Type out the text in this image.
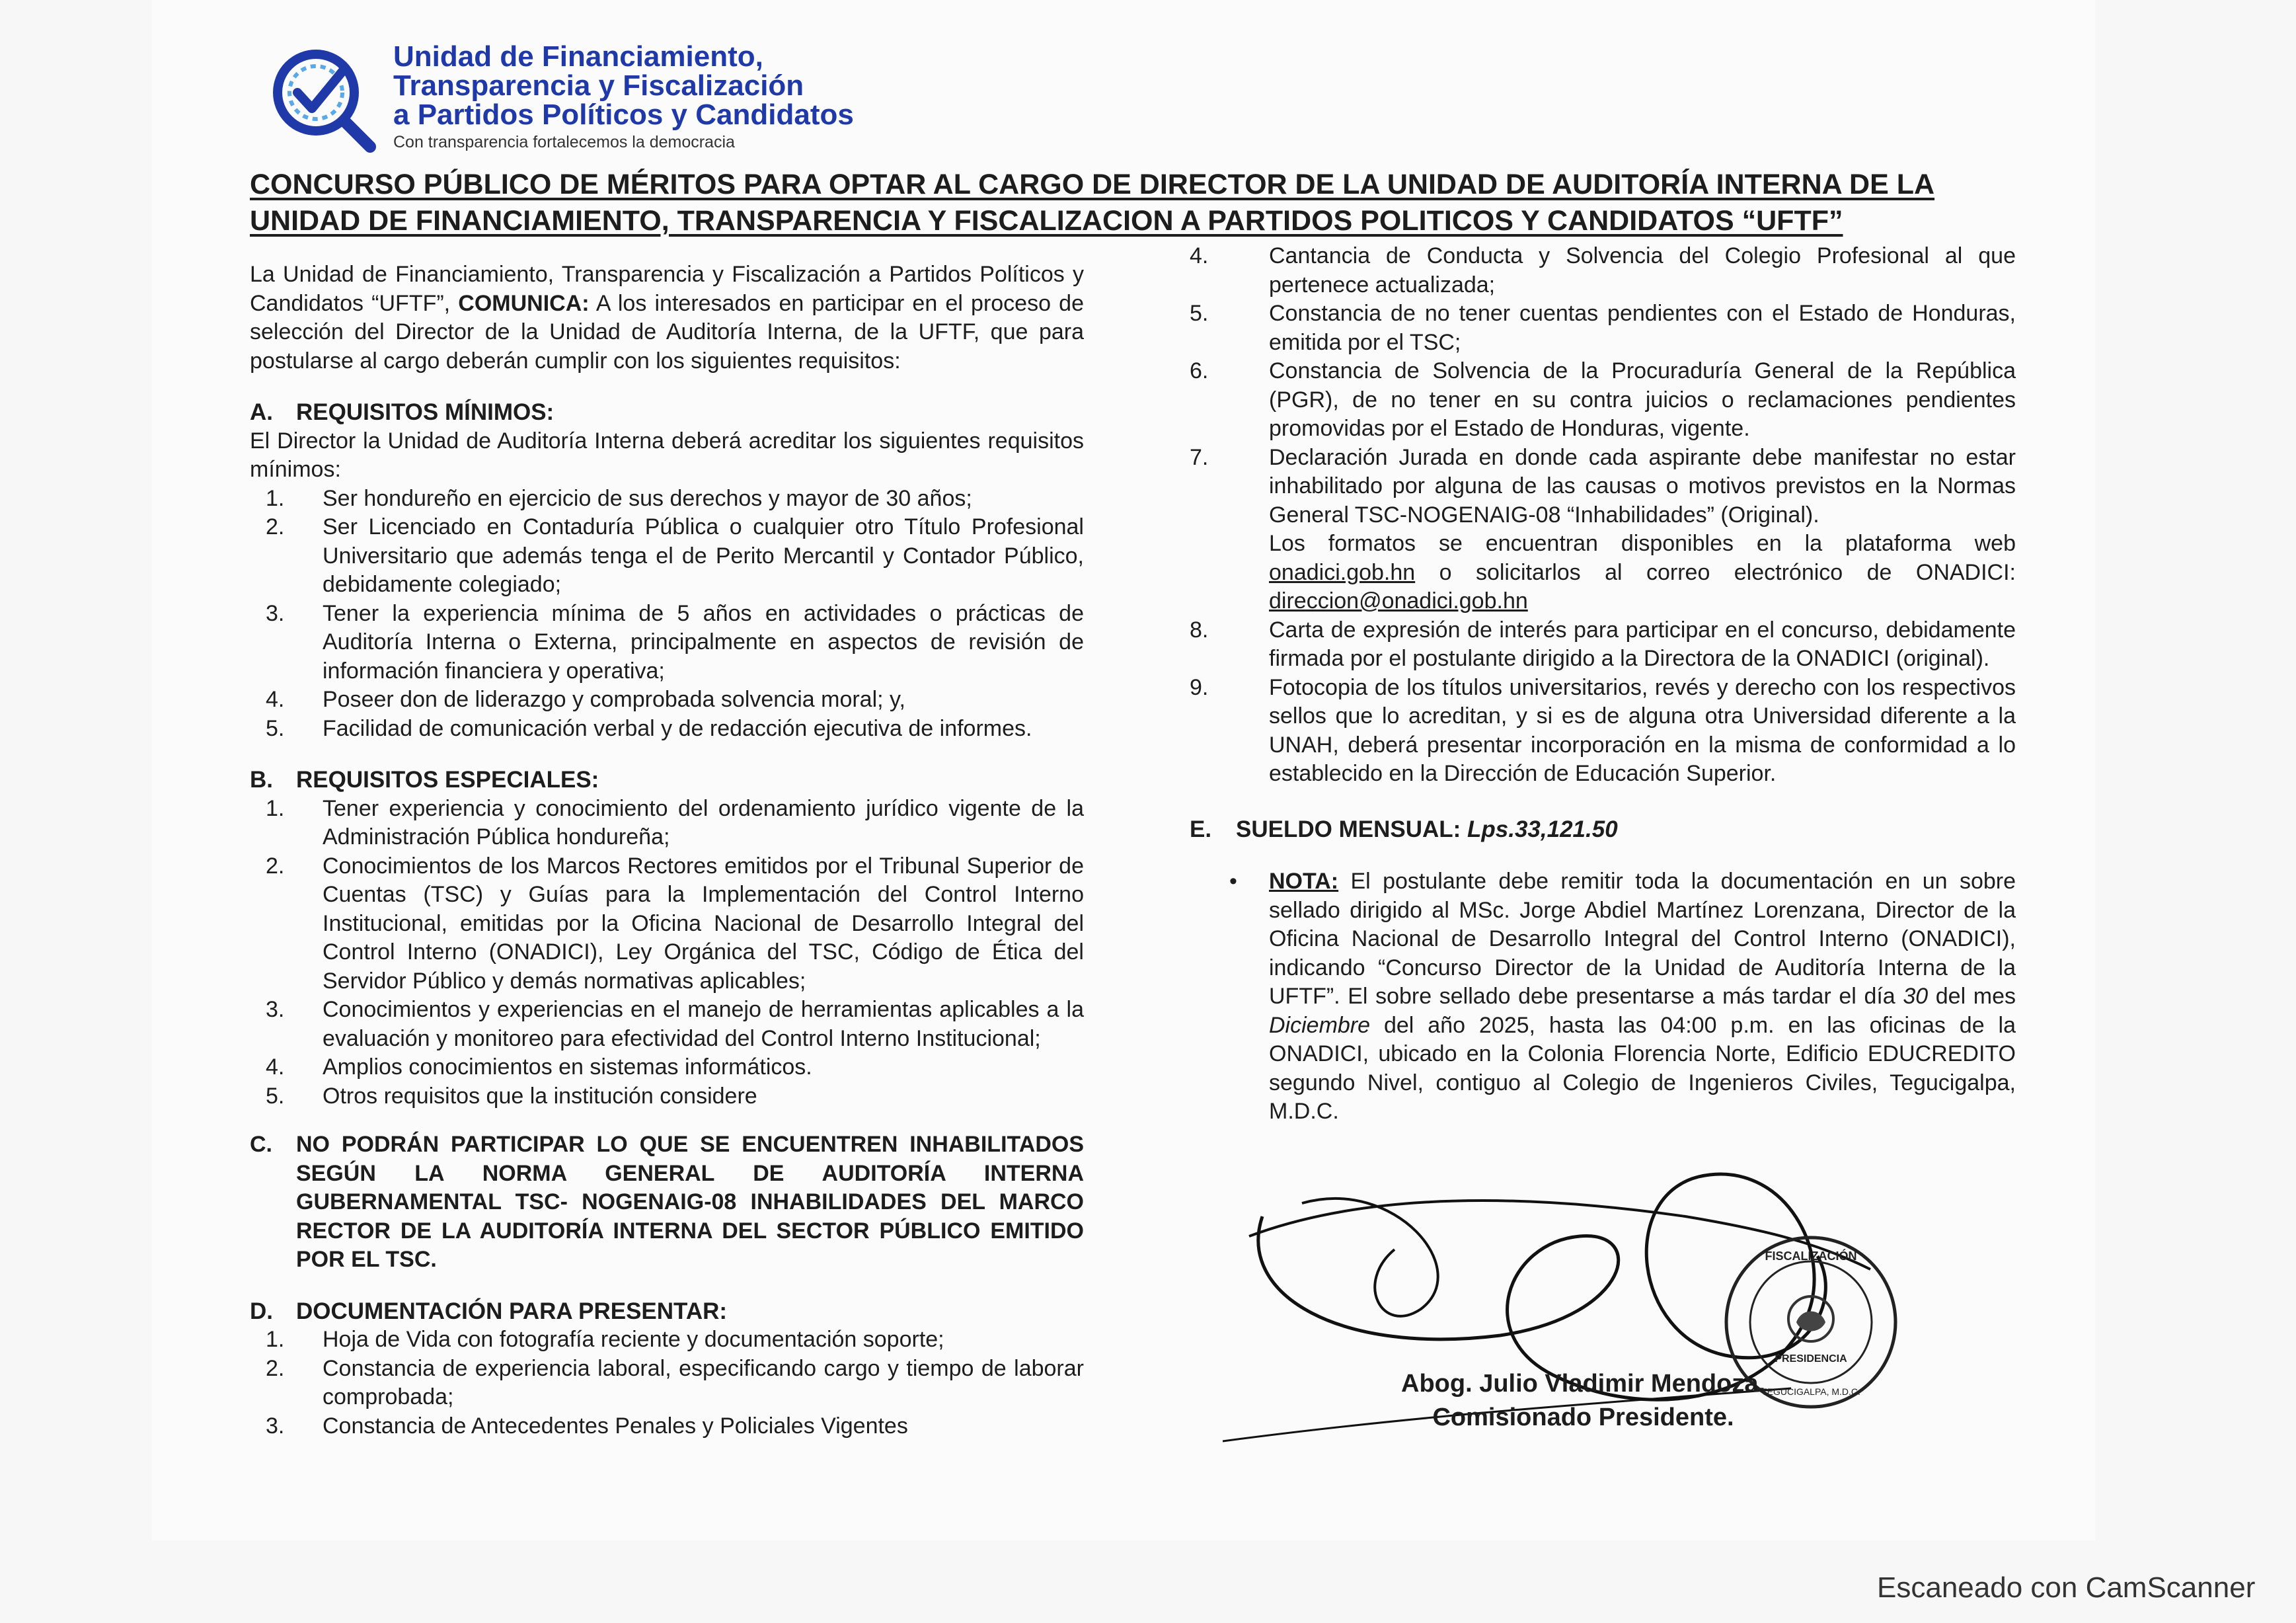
Unidad de Financiamiento,
Transparencia y Fiscalización
a Partidos Políticos y Candidatos
Con transparencia fortalecemos la democracia
CONCURSO PÚBLICO DE MÉRITOS PARA OPTAR AL CARGO DE DIRECTOR DE LA UNIDAD DE AUDITORÍA INTERNA DE LA
UNIDAD DE FINANCIAMIENTO, TRANSPARENCIA Y FISCALIZACION A PARTIDOS POLITICOS Y CANDIDATOS “UFTF”
La Unidad de Financiamiento, Transparencia y Fiscalización a Partidos Políticos y Candidatos “UFTF”, COMUNICA: A los interesados en participar en el proceso de selección del Director de la Unidad de Auditoría Interna, de la UFTF, que para postularse al cargo deberán cumplir con los siguientes requisitos:
A.	REQUISITOS MÍNIMOS:
El Director la Unidad de Auditoría Interna deberá acreditar los siguientes requisitos mínimos:
1.	Ser hondureño en ejercicio de sus derechos y mayor de 30 años;
2.	Ser Licenciado en Contaduría Pública o cualquier otro Título Profesional Universitario que además tenga el de Perito Mercantil y Contador Público, debidamente colegiado;
3.	Tener la experiencia mínima de 5 años en actividades o prácticas de Auditoría Interna o Externa, principalmente en aspectos de revisión de información financiera y operativa;
4.	Poseer don de liderazgo y comprobada solvencia moral; y,
5.	Facilidad de comunicación verbal y de redacción ejecutiva de informes.
B.	REQUISITOS ESPECIALES:
1.	Tener experiencia y conocimiento del ordenamiento jurídico vigente de la Administración Pública hondureña;
2.	Conocimientos de los Marcos Rectores emitidos por el Tribunal Superior de Cuentas (TSC) y Guías para la Implementación del Control Interno Institucional, emitidas por la Oficina Nacional de Desarrollo Integral del Control Interno (ONADICI), Ley Orgánica del TSC, Código de Ética del Servidor Público y demás normativas aplicables;
3.	Conocimientos y experiencias en el manejo de herramientas aplicables a la evaluación y monitoreo para efectividad del Control Interno Institucional;
4.	Amplios conocimientos en sistemas informáticos.
5.	Otros requisitos que la institución considere
C.	NO PODRÁN PARTICIPAR LO QUE SE ENCUENTREN INHABILITADOS SEGÚN LA NORMA GENERAL DE AUDITORÍA INTERNA GUBERNAMENTAL TSC- NOGENAIG-08 INHABILIDADES DEL MARCO RECTOR DE LA AUDITORÍA INTERNA DEL SECTOR PÚBLICO EMITIDO POR EL TSC.
D.	DOCUMENTACIÓN PARA PRESENTAR:
1.	Hoja de Vida con fotografía reciente y documentación soporte;
2.	Constancia de experiencia laboral, especificando cargo y tiempo de laborar comprobada;
3.	Constancia de Antecedentes Penales y Policiales Vigentes
4.	Cantancia de Conducta y Solvencia del Colegio Profesional al que pertenece actualizada;
5.	Constancia de no tener cuentas pendientes con el Estado de Honduras, emitida por el TSC;
6.	Constancia de Solvencia de la Procuraduría General de la República (PGR), de no tener en su contra juicios o reclamaciones pendientes promovidas por el Estado de Honduras, vigente.
7.	Declaración Jurada en donde cada aspirante debe manifestar no estar inhabilitado por alguna de las causas o motivos previstos en la Normas General TSC-NOGENAIG-08 “Inhabilidades” (Original).
Los formatos se encuentran disponibles en la plataforma web onadici.gob.hn o solicitarlos al correo electrónico de ONADICI: direccion@onadici.gob.hn
8.	Carta de expresión de interés para participar en el concurso, debidamente firmada por el postulante dirigido a la Directora de la ONADICI (original).
9.	Fotocopia de los títulos universitarios, revés y derecho con los respectivos sellos que lo acreditan, y si es de alguna otra Universidad diferente a la UNAH, deberá presentar incorporación en la misma de conformidad a lo establecido en la Dirección de Educación Superior.
E.	SUELDO MENSUAL: Lps.33,121.50
•	NOTA: El postulante debe remitir toda la documentación en un sobre sellado dirigido al MSc. Jorge Abdiel Martínez Lorenzana, Director de la Oficina Nacional de Desarrollo Integral del Control Interno (ONADICI), indicando “Concurso Director de la Unidad de Auditoría Interna de la UFTF”. El sobre sellado debe presentarse a más tardar el día 30 del mes Diciembre del año 2025, hasta las 04:00 p.m. en las oficinas de la ONADICI, ubicado en la Colonia Florencia Norte, Edificio EDUCREDITO segundo Nivel, contiguo al Colegio de Ingenieros Civiles, Tegucigalpa, M.D.C.
FISCALIZACIÓN
PRESIDENCIA
TEGUCIGALPA, M.D.C.
Abog. Julio Vladimir Mendoza.
Comisionado Presidente.
Escaneado con CamScanner
